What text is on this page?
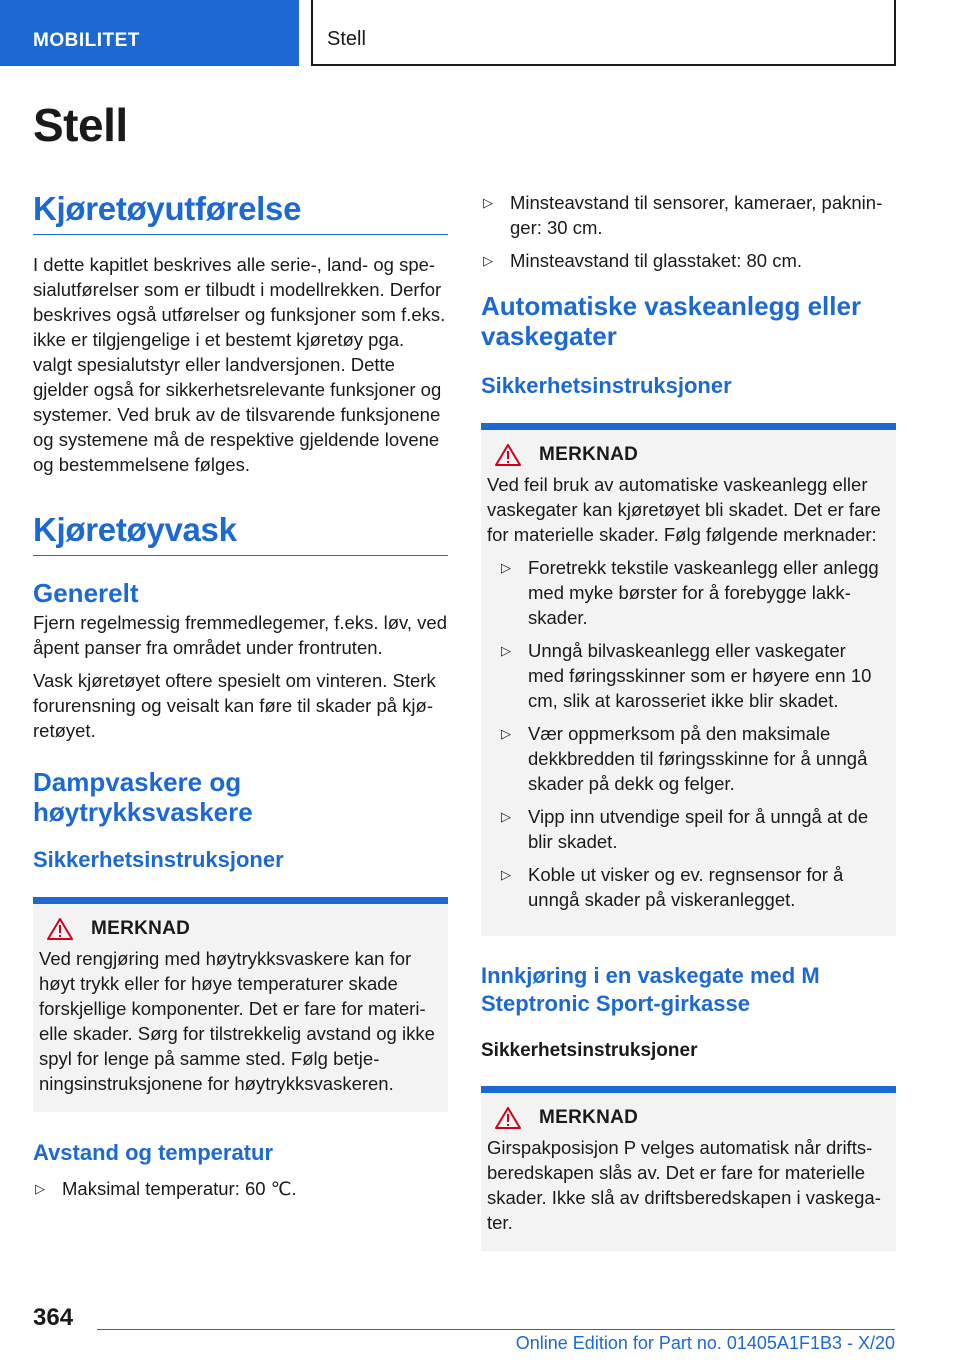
MOBILITET	Stell
Stell
Kjøretøyutførelse

I dette kapitlet beskrives alle serie-, land- og spesialutførelser som er tilbudt i modellrekken. Derfor beskrives også utførelser og funksjoner som f.eks. ikke er tilgjengelige i et bestemt kjøretøy pga. valgt spesialutstyr eller landversjonen. Dette gjelder også for sikkerhetsrelevante funksjoner og systemer. Ved bruk av de tilsvarende funksjonene og systemene må de respektive gjeldende lovene og bestemmelsene følges.

Kjøretøyvask
Generelt

Fjern regelmessig fremmedlegemer, f.eks. løv, ved åpent panser fra området under frontruten.

Vask kjøretøyet oftere spesielt om vinteren. Sterk forurensning og veisalt kan føre til skader på kjøretøyet.

Dampvaskere og høytrykksvaskere
Sikkerhetsinstruksjoner
MERKNAD

Ved rengjøring med høytrykksvaskere kan for høyt trykk eller for høye temperaturer skade forskjellige komponenter. Det er fare for materielle skader. Sørg for tilstrekkelig avstand og ikke spyl for lenge på samme sted. Følg betjeningsinstruksjonene for høytrykksvaskeren.

Avstand og temperatur
▷ Maksimal temperatur: 60 ℃.
▷ Minsteavstand til sensorer, kameraer, pakninger: 30 cm.
▷ Minsteavstand til glasstaket: 80 cm.
Automatiske vaskeanlegg eller vaskegater
Sikkerhetsinstruksjoner
MERKNAD

Ved feil bruk av automatiske vaskeanlegg eller vaskegater kan kjøretøyet bli skadet. Det er fare for materielle skader. Følg følgende merknader:

▷ Foretrekk tekstile vaskeanlegg eller anlegg med myke børster for å forebygge lakkskader.
▷ Unngå bilvaskeanlegg eller vaskegater med føringsskinner som er høyere enn 10 cm, slik at karosseriet ikke blir skadet.
▷ Vær oppmerksom på den maksimale dekkbredden til føringsskinne for å unngå skader på dekk og felger.
▷ Vipp inn utvendige speil for å unngå at de blir skadet.
▷ Koble ut visker og ev. regnsensor for å unngå skader på viskeranlegget.
Innkjøring i en vaskegate med M Steptronic Sport-girkasse
Sikkerhetsinstruksjoner
MERKNAD

Girspakposisjon P velges automatisk når driftsberedskapen slås av. Det er fare for materielle skader. Ikke slå av driftsberedskapen i vaskegater.

364
Online Edition for Part no. 01405A1F1B3 - X/20
